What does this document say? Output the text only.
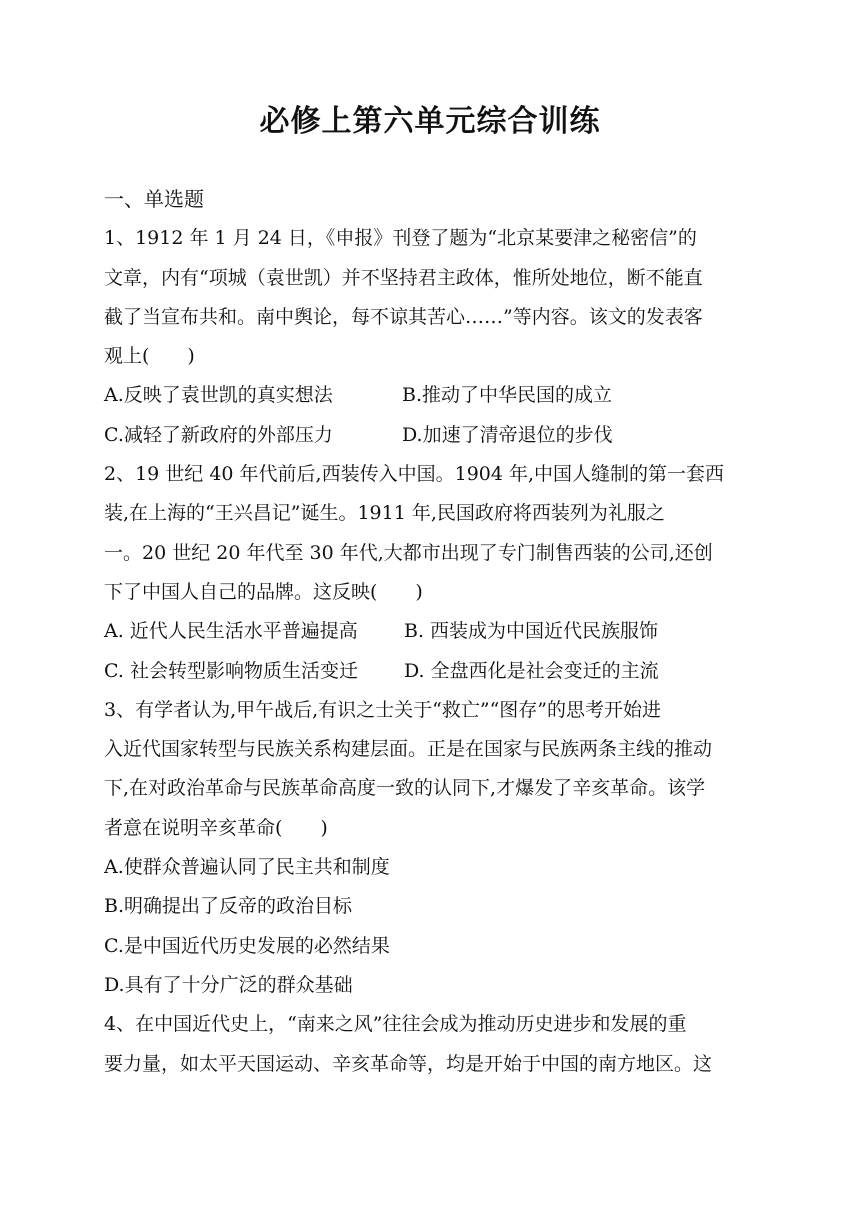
必修上第六单元综合训练
一、单选题
1、1912 年 1 月 24 日，《申报》刊登了题为“北京某要津之秘密信”的
文章，内有“项城（袁世凯）并不坚持君主政体，惟所处地位，断不能直
截了当宣布共和。南中舆论，每不谅其苦心……”等内容。该文的发表客
观上(　　)
A.反映了袁世凯的真实想法	B.推动了中华民国的成立
C.减轻了新政府的外部压力	D.加速了清帝退位的步伐
2、19 世纪 40 年代前后,西装传入中国。1904 年,中国人缝制的第一套西
装,在上海的“王兴昌记”诞生。1911 年,民国政府将西装列为礼服之
一。20 世纪 20 年代至 30 年代,大都市出现了专门制售西装的公司,还创
下了中国人自己的品牌。这反映(　　)
A. 近代人民生活水平普遍提高	B. 西装成为中国近代民族服饰
C. 社会转型影响物质生活变迁	D. 全盘西化是社会变迁的主流
3、有学者认为,甲午战后,有识之士关于“救亡”“图存”的思考开始进
入近代国家转型与民族关系构建层面。正是在国家与民族两条主线的推动
下,在对政治革命与民族革命高度一致的认同下,才爆发了辛亥革命。该学
者意在说明辛亥革命(　　)
A.使群众普遍认同了民主共和制度
B.明确提出了反帝的政治目标
C.是中国近代历史发展的必然结果
D.具有了十分广泛的群众基础
4、在中国近代史上，“南来之风”往往会成为推动历史进步和发展的重
要力量，如太平天国运动、辛亥革命等，均是开始于中国的南方地区。这
